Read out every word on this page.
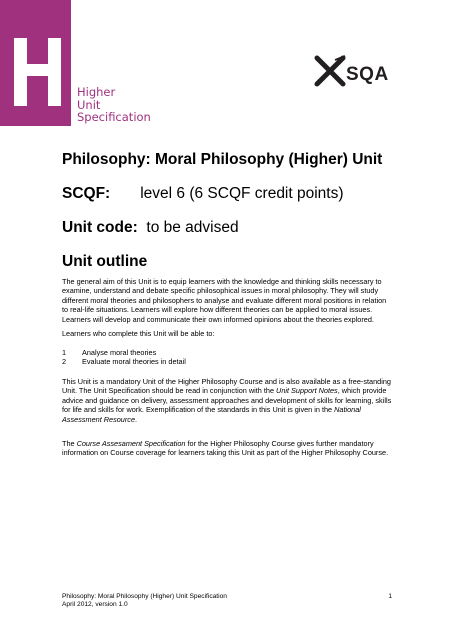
Higher
Unit
Specification
SQA
Philosophy: Moral Philosophy (Higher) Unit
SCQF: level 6 (6 SCQF credit points)
Unit code: to be advised
Unit outline
The general aim of this Unit is to equip learners with the knowledge and thinking skills necessary to examine, understand and debate specific philosophical issues in moral philosophy. They will study different moral theories and philosophers to analyse and evaluate different moral positions in relation to real-life situations. Learners will explore how different theories can be applied to moral issues. Learners will develop and communicate their own informed opinions about the theories explored.
Learners who complete this Unit will be able to:
1 Analyse moral theories
2 Evaluate moral theories in detail
This Unit is a mandatory Unit of the Higher Philosophy Course and is also available as a free-standing Unit. The Unit Specification should be read in conjunction with the Unit Support Notes, which provide advice and guidance on delivery, assessment approaches and development of skills for learning, skills for life and skills for work. Exemplification of the standards in this Unit is given in the National Assessment Resource.
The Course Assesament Specification for the Higher Philosophy Course gives further mandatory information on Course coverage for learners taking this Unit as part of the Higher Philosophy Course.
Philosophy: Moral Philosophy (Higher) Unit Specification
April 2012, version 1.0
1
